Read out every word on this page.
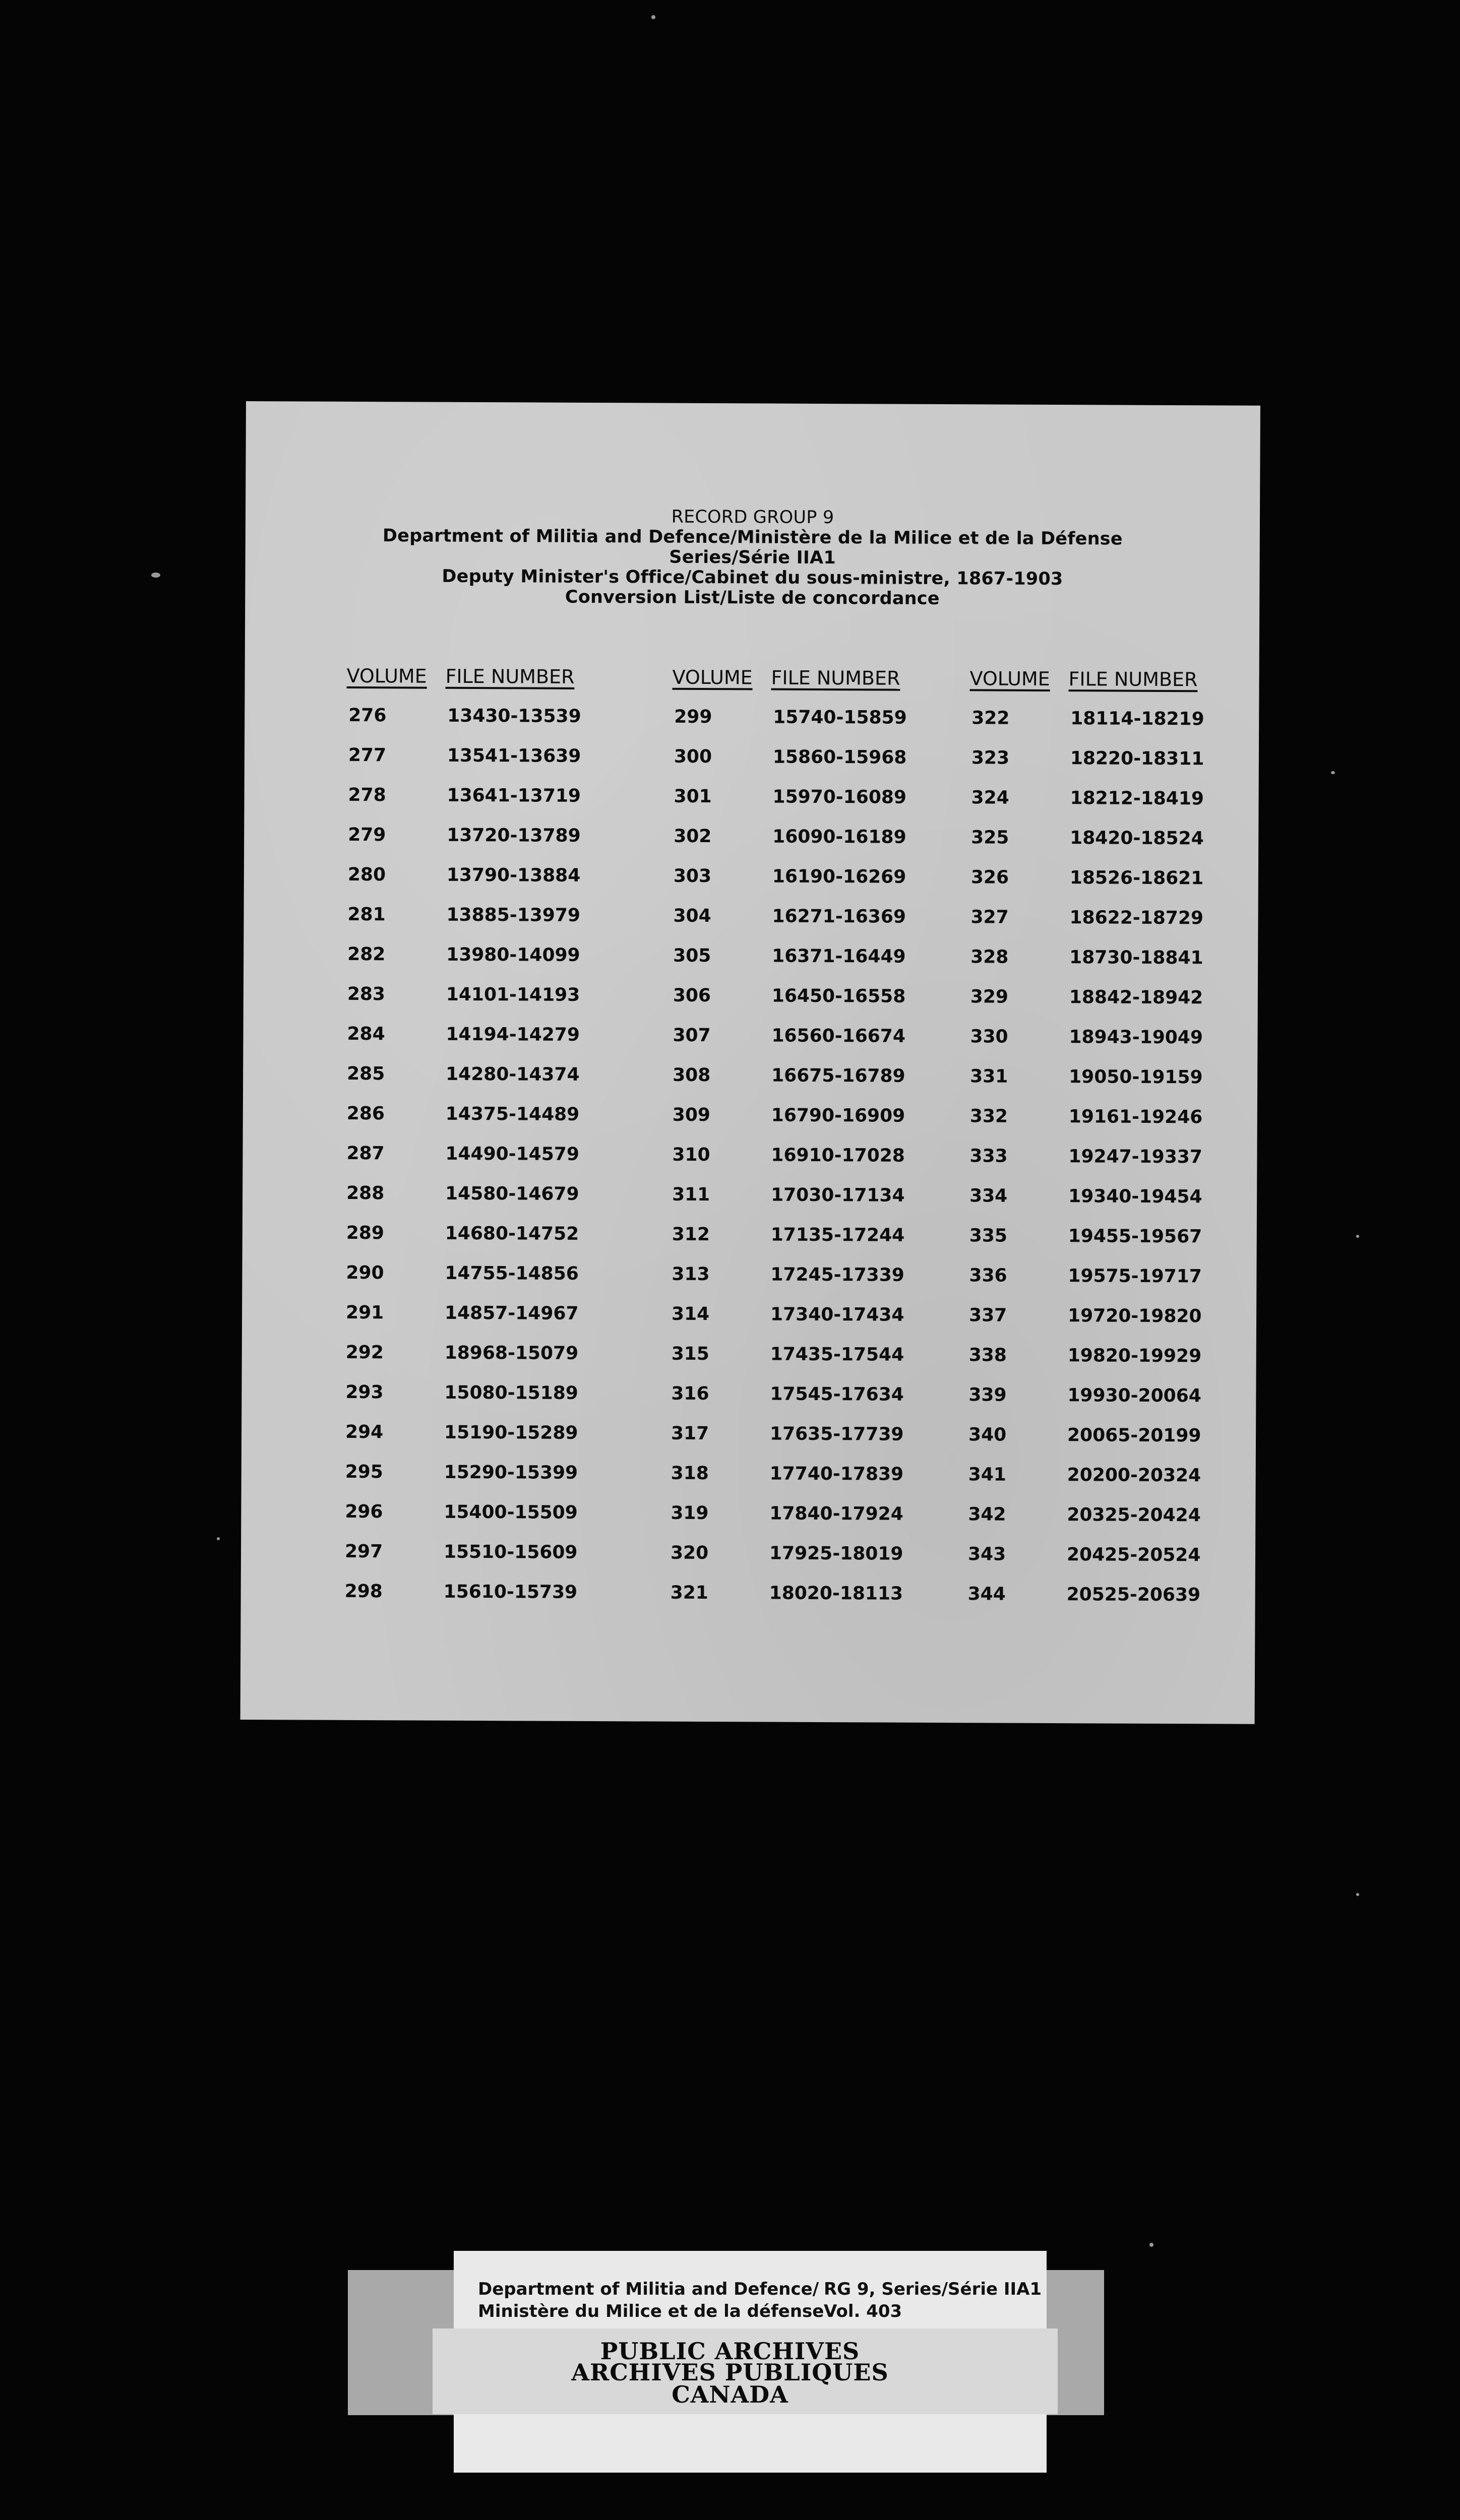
RECORD GROUP 9
Department of Militia and Defence/Ministère de la Milice et de la Défense
Series/Série IIA1
Deputy Minister's Office/Cabinet du sous-ministre, 1867-1903
Conversion List/Liste de concordance
VOLUME FILE NUMBER
276	13430-13539
277	13541-13639
278	13641-13719
279	13720-13789
280	13790-13884
281	13885-13979
282	13980-14099
283	14101-14193
284	14194-14279
285	14280-14374
286	14375-14489
287	14490-14579
288	14580-14679
289	14680-14752
290	14755-14856
291	14857-14967
292	18968-15079
293	15080-15189
294	15190-15289
295	15290-15399
296	15400-15509
297	15510-15609
298	15610-15739
VOLUME FILE NUMBER
299	15740-15859
300	15860-15968
301	15970-16089
302	16090-16189
303	16190-16269
304	16271-16369
305	16371-16449
306	16450-16558
307	16560-16674
308	16675-16789
309	16790-16909
310	16910-17028
311	17030-17134
312	17135-17244
313	17245-17339
314	17340-17434
315	17435-17544
316	17545-17634
317	17635-17739
318	17740-17839
319	17840-17924
320	17925-18019
321	18020-18113
VOLUME FILE NUMBER
322	18114-18219
323	18220-18311
324	18212-18419
325	18420-18524
326	18526-18621
327	18622-18729
328	18730-18841
329	18842-18942
330	18943-19049
331	19050-19159
332	19161-19246
333	19247-19337
334	19340-19454
335	19455-19567
336	19575-19717
337	19720-19820
338	19820-19929
339	19930-20064
340	20065-20199
341	20200-20324
342	20325-20424
343	20425-20524
344	20525-20639
Department of Militia and Defence/
Ministère du Milice et de la défense
RG 9, Series/Série IIA1
Vol. 403
PUBLIC ARCHIVES
ARCHIVES PUBLIQUES
CANADA
